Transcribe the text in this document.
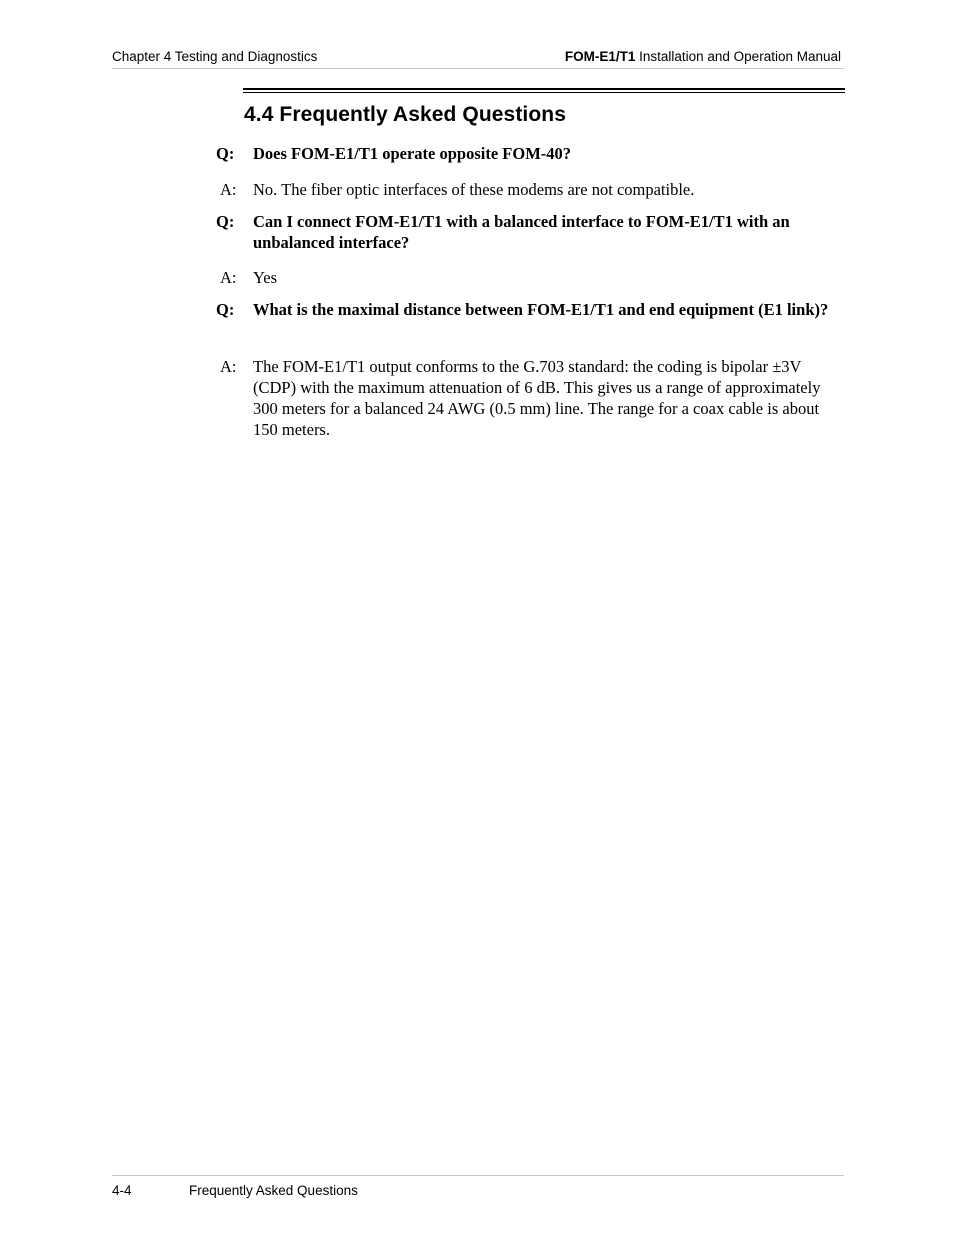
Chapter 4 Testing and Diagnostics	FOM-E1/T1 Installation and Operation Manual
4.4 Frequently Asked Questions
Q:	Does FOM-E1/T1 operate opposite FOM-40?
A:	No. The fiber optic interfaces of these modems are not compatible.
Q:	Can I connect FOM-E1/T1 with a balanced interface to FOM-E1/T1 with an unbalanced interface?
A:	Yes
Q:	What is the maximal distance between FOM-E1/T1 and end equipment (E1 link)?
A:	The FOM-E1/T1 output conforms to the G.703 standard: the coding is bipolar ±3V (CDP) with the maximum attenuation of 6 dB. This gives us a range of approximately 300 meters for a balanced 24 AWG (0.5 mm) line. The range for a coax cable is about 150 meters.
4-4	Frequently Asked Questions
